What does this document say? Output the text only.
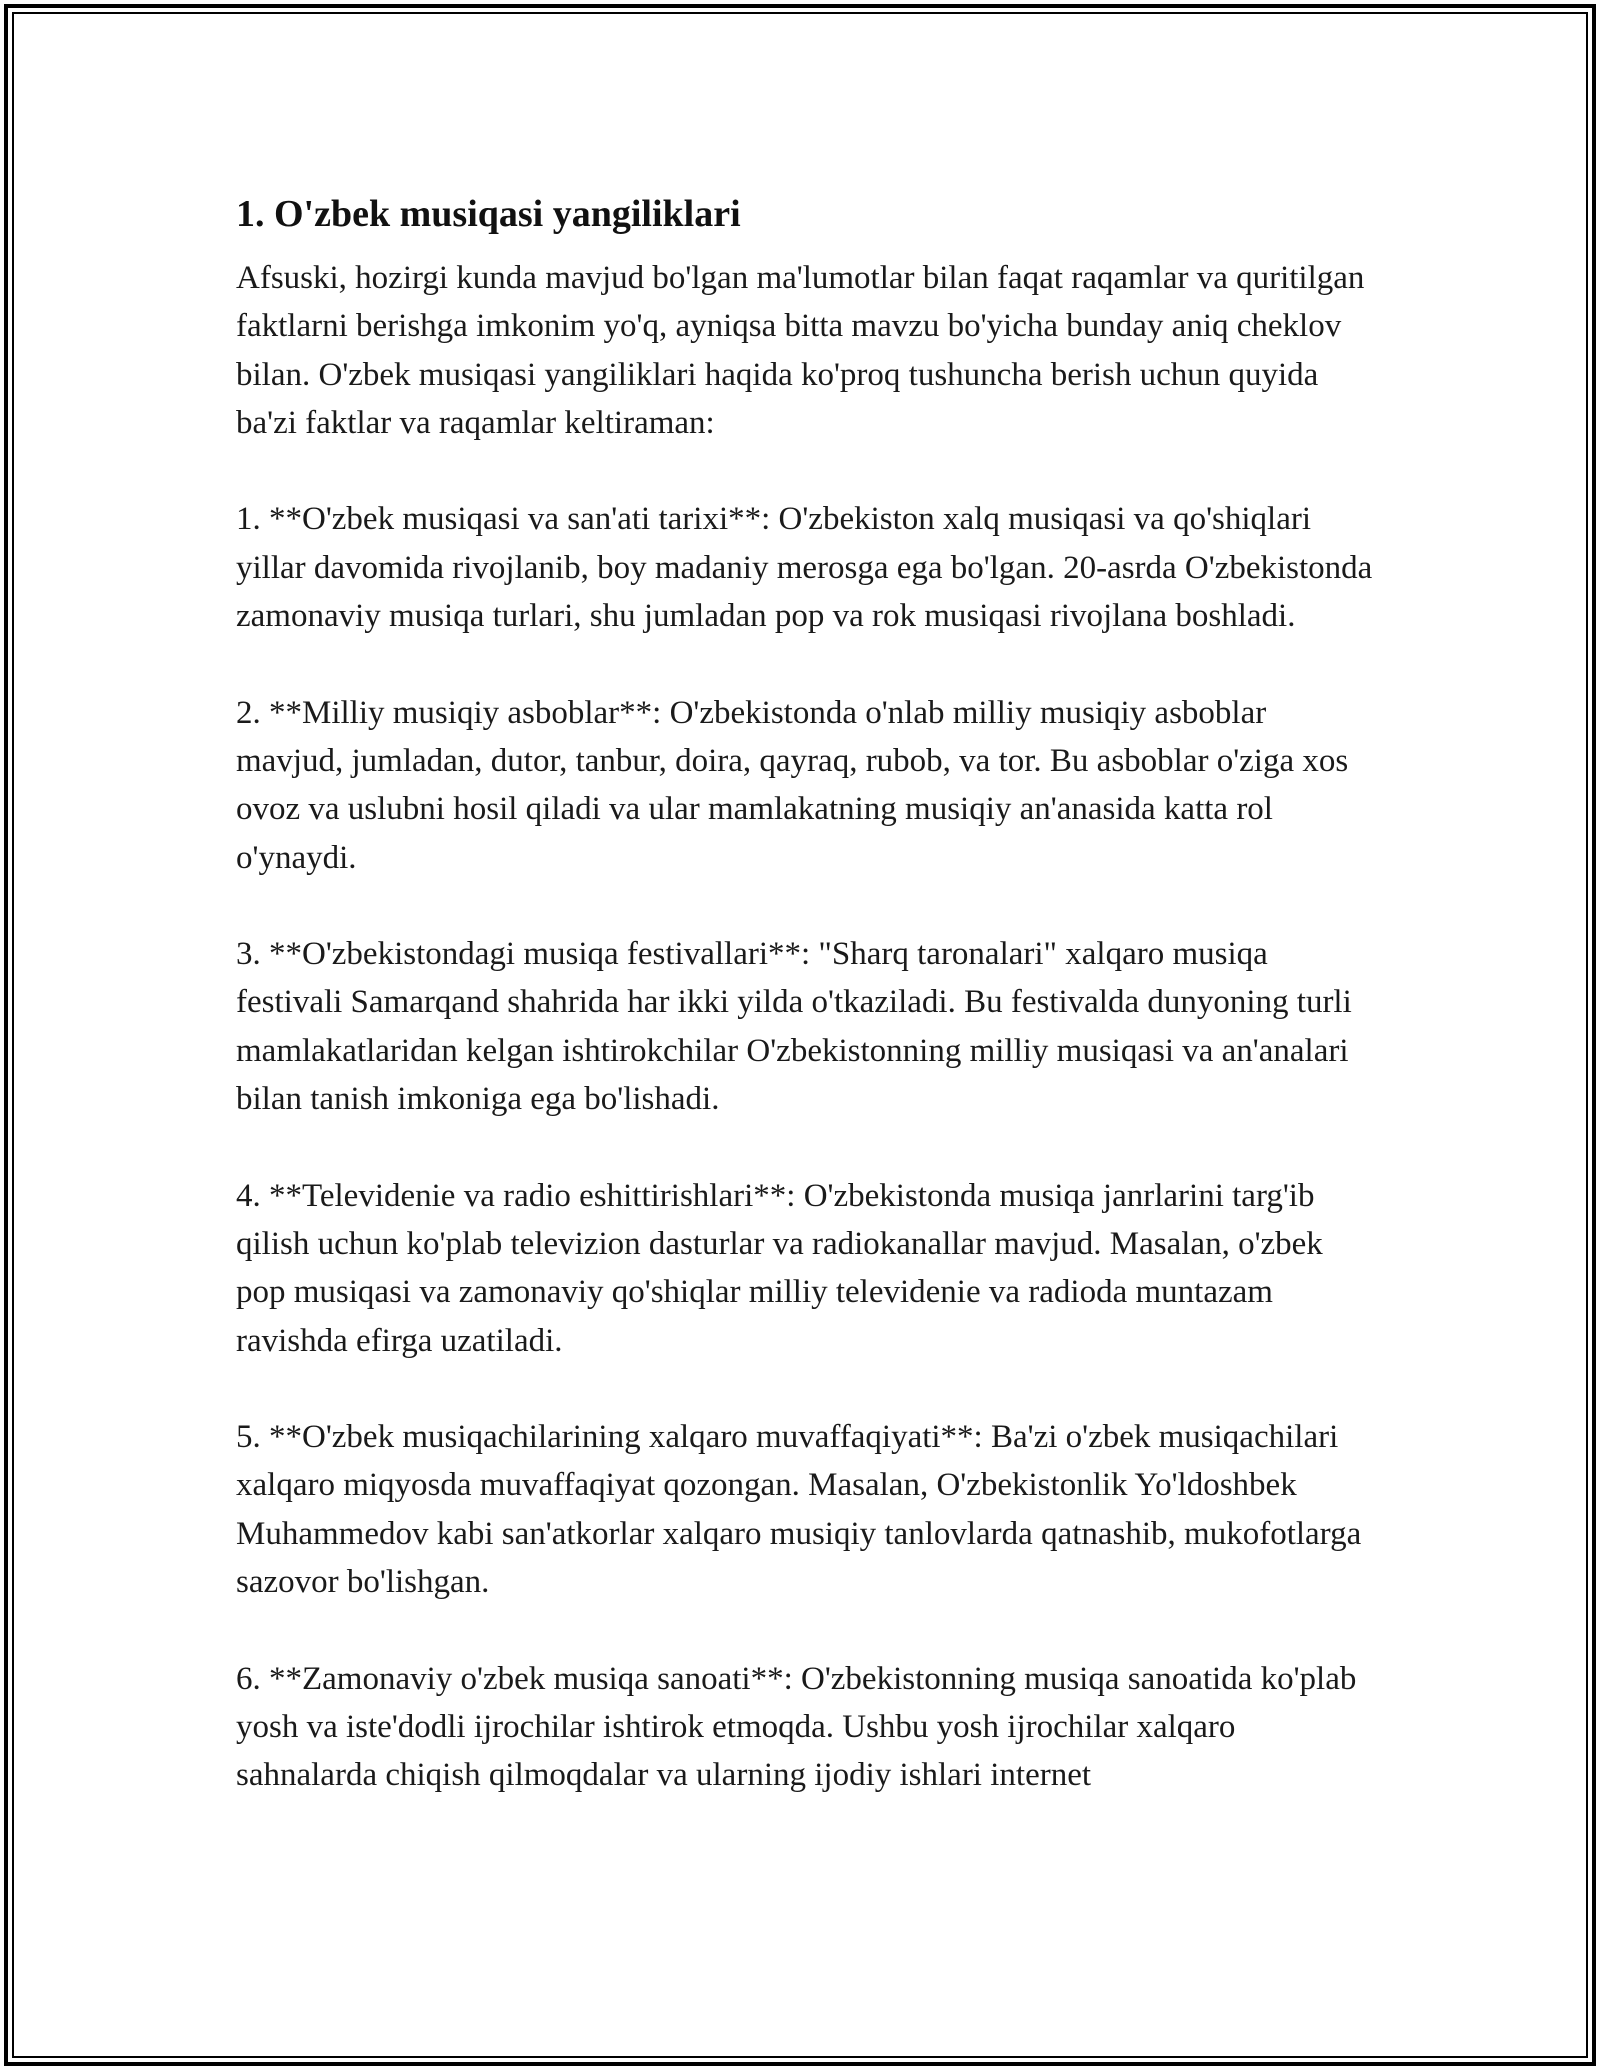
1. O'zbek musiqasi yangiliklari

Afsuski, hozirgi kunda mavjud bo'lgan ma'lumotlar bilan faqat raqamlar va quritilgan faktlarni berishga imkonim yo'q, ayniqsa bitta mavzu bo'yicha bunday aniq cheklov bilan. O'zbek musiqasi yangiliklari haqida ko'proq tushuncha berish uchun quyida ba'zi faktlar va raqamlar keltiraman:

1. **O'zbek musiqasi va san'ati tarixi**: O'zbekiston xalq musiqasi va qo'shiqlari yillar davomida rivojlanib, boy madaniy merosga ega bo'lgan. 20-asrda O'zbekistonda zamonaviy musiqa turlari, shu jumladan pop va rok musiqasi rivojlana boshladi.

2. **Milliy musiqiy asboblar**: O'zbekistonda o'nlab milliy musiqiy asboblar mavjud, jumladan, dutor, tanbur, doira, qayraq, rubob, va tor. Bu asboblar o'ziga xos ovoz va uslubni hosil qiladi va ular mamlakatning musiqiy an'anasida katta rol o'ynaydi.

3. **O'zbekistondagi musiqa festivallari**: "Sharq taronalari" xalqaro musiqa festivali Samarqand shahrida har ikki yilda o'tkaziladi. Bu festivalda dunyoning turli mamlakatlaridan kelgan ishtirokchilar O'zbekistonning milliy musiqasi va an'analari bilan tanish imkoniga ega bo'lishadi.

4. **Televidenie va radio eshittirishlari**: O'zbekistonda musiqa janrlarini targ'ib qilish uchun ko'plab televizion dasturlar va radiokanallar mavjud. Masalan, o'zbek pop musiqasi va zamonaviy qo'shiqlar milliy televidenie va radioda muntazam ravishda efirga uzatiladi.

5. **O'zbek musiqachilarining xalqaro muvaffaqiyati**: Ba'zi o'zbek musiqachilari xalqaro miqyosda muvaffaqiyat qozongan. Masalan, O'zbekistonlik Yo'ldoshbek Muhammedov kabi san'atkorlar xalqaro musiqiy tanlovlarda qatnashib, mukofotlarga sazovor bo'lishgan.

6. **Zamonaviy o'zbek musiqa sanoati**: O'zbekistonning musiqa sanoatida ko'plab yosh va iste'dodli ijrochilar ishtirok etmoqda. Ushbu yosh ijrochilar xalqaro sahnalarda chiqish qilmoqdalar va ularning ijodiy ishlari internet
